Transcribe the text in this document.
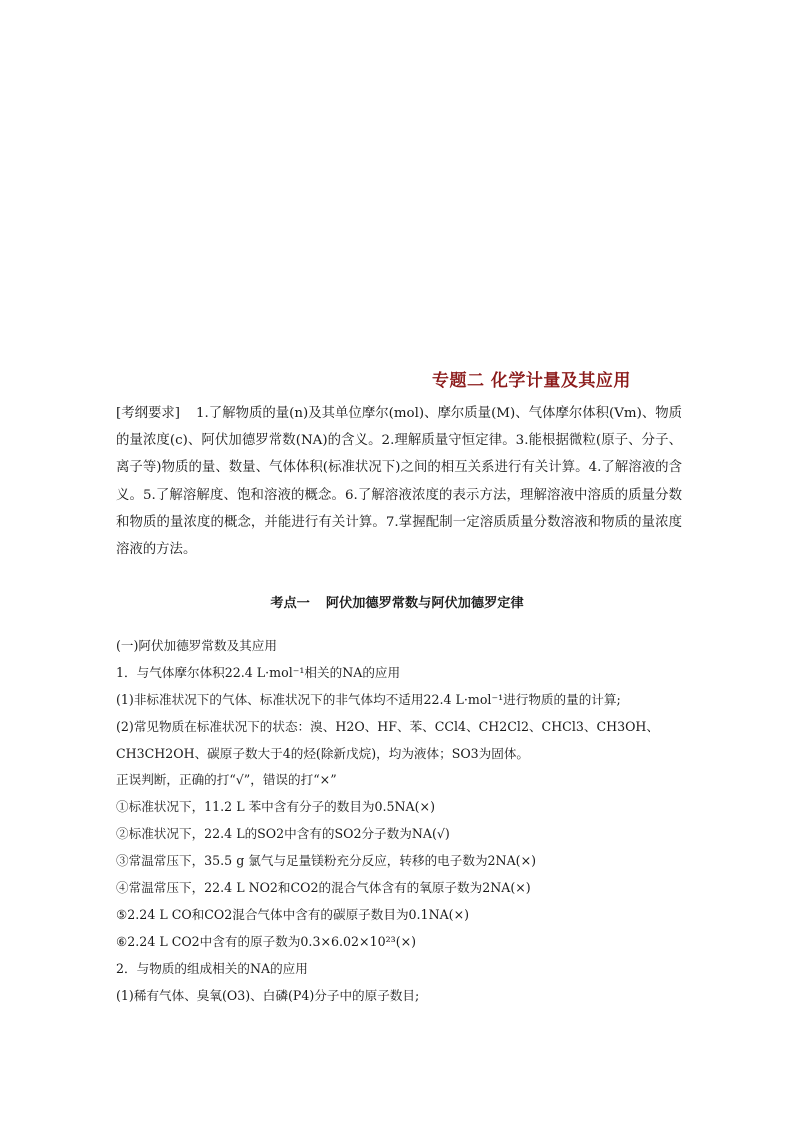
专题二 化学计量及其应用
[考纲要求] 1.了解物质的量(n)及其单位摩尔(mol)、摩尔质量(M)、气体摩尔体积(Vm)、物质的量浓度(c)、阿伏加德罗常数(NA)的含义。2.理解质量守恒定律。3.能根据微粒(原子、分子、离子等)物质的量、数量、气体体积(标准状况下)之间的相互关系进行有关计算。4.了解溶液的含义。5.了解溶解度、饱和溶液的概念。6.了解溶液浓度的表示方法，理解溶液中溶质的质量分数和物质的量浓度的概念，并能进行有关计算。7.掌握配制一定溶质质量分数溶液和物质的量浓度溶液的方法。
考点一 阿伏加德罗常数与阿伏加德罗定律
(一)阿伏加德罗常数及其应用
1．与气体摩尔体积22.4 L·mol⁻¹相关的NA的应用
(1)非标准状况下的气体、标准状况下的非气体均不适用22.4 L·mol⁻¹进行物质的量的计算;
(2)常见物质在标准状况下的状态：溴、H2O、HF、苯、CCl4、CH2Cl2、CHCl3、CH3OH、
CH3CH2OH、碳原子数大于4的烃(除新戊烷)，均为液体；SO3为固体。
正误判断，正确的打“√”，错误的打“×”
①标准状况下，11.2 L 苯中含有分子的数目为0.5NA(×)
②标准状况下，22.4 L的SO2中含有的SO2分子数为NA(√)
③常温常压下，35.5 g 氯气与足量镁粉充分反应，转移的电子数为2NA(×)
④常温常压下，22.4 L NO2和CO2的混合气体含有的氧原子数为2NA(×)
⑤2.24 L CO和CO2混合气体中含有的碳原子数目为0.1NA(×)
⑥2.24 L CO2中含有的原子数为0.3×6.02×10²³(×)
2．与物质的组成相关的NA的应用
(1)稀有气体、臭氧(O3)、白磷(P4)分子中的原子数目;
